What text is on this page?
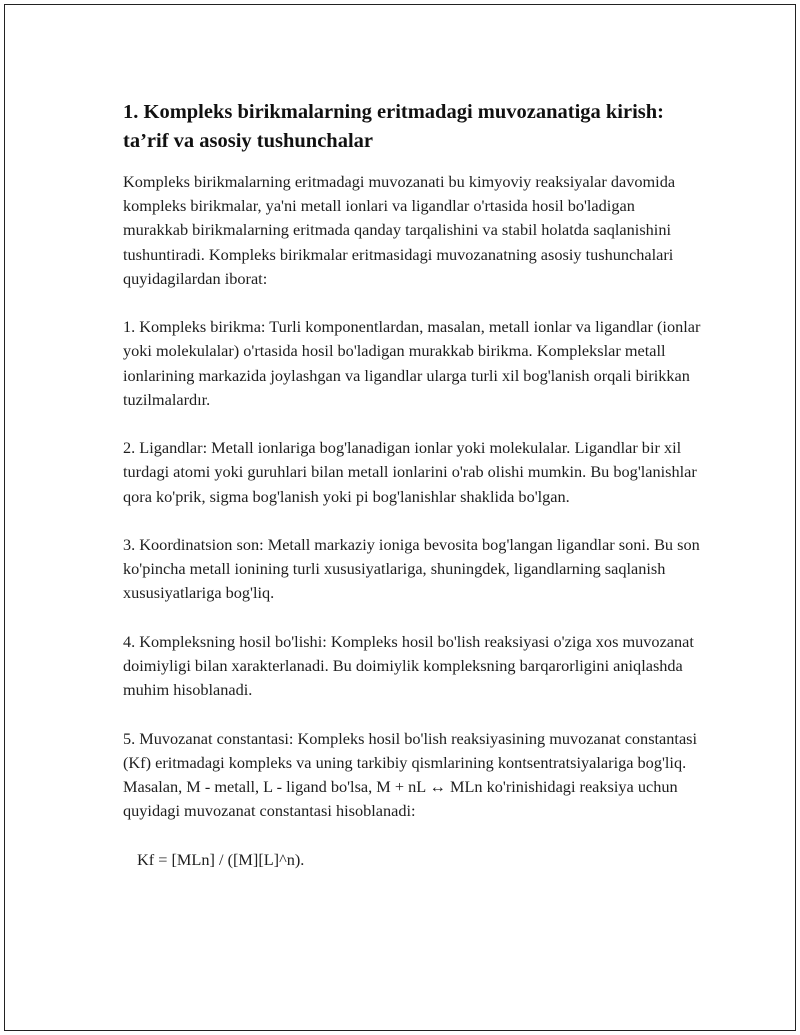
1. Kompleks birikmalarning eritmadagi muvozanatiga kirish: ta’rif va asosiy tushunchalar

Kompleks birikmalarning eritmadagi muvozanati bu kimyoviy reaksiyalar davomida kompleks birikmalar, ya'ni metall ionlari va ligandlar o'rtasida hosil bo'ladigan murakkab birikmalarning eritmada qanday tarqalishini va stabil holatda saqlanishini tushuntiradi. Kompleks birikmalar eritmasidagi muvozanatning asosiy tushunchalari quyidagilardan iborat:

1. Kompleks birikma: Turli komponentlardan, masalan, metall ionlar va ligandlar (ionlar yoki molekulalar) o'rtasida hosil bo'ladigan murakkab birikma. Komplekslar metall ionlarining markazida joylashgan va ligandlar ularga turli xil bog'lanish orqali birikkan tuzilmalardır.

2. Ligandlar: Metall ionlariga bog'lanadigan ionlar yoki molekulalar. Ligandlar bir xil turdagi atomi yoki guruhlari bilan metall ionlarini o'rab olishi mumkin. Bu bog'lanishlar qora ko'prik, sigma bog'lanish yoki pi bog'lanishlar shaklida bo'lgan.

3. Koordinatsion son: Metall markaziy ioniga bevosita bog'langan ligandlar soni. Bu son ko'pincha metall ionining turli xususiyatlariga, shuningdek, ligandlarning saqlanish xususiyatlariga bog'liq.

4. Kompleksning hosil bo'lishi: Kompleks hosil bo'lish reaksiyasi o'ziga xos muvozanat doimiyligi bilan xarakterlanadi. Bu doimiylik kompleksning barqarorligini aniqlashda muhim hisoblanadi.

5. Muvozanat constantasi: Kompleks hosil bo'lish reaksiyasining muvozanat constantasi (Kf) eritmadagi kompleks va uning tarkibiy qismlarining kontsentratsiyalariga bog'liq. Masalan, M - metall, L - ligand bo'lsa, M + nL ↔ MLn ko'rinishidagi reaksiya uchun quyidagi muvozanat constantasi hisoblanadi:

Kf = [MLn] / ([M][L]^n).
